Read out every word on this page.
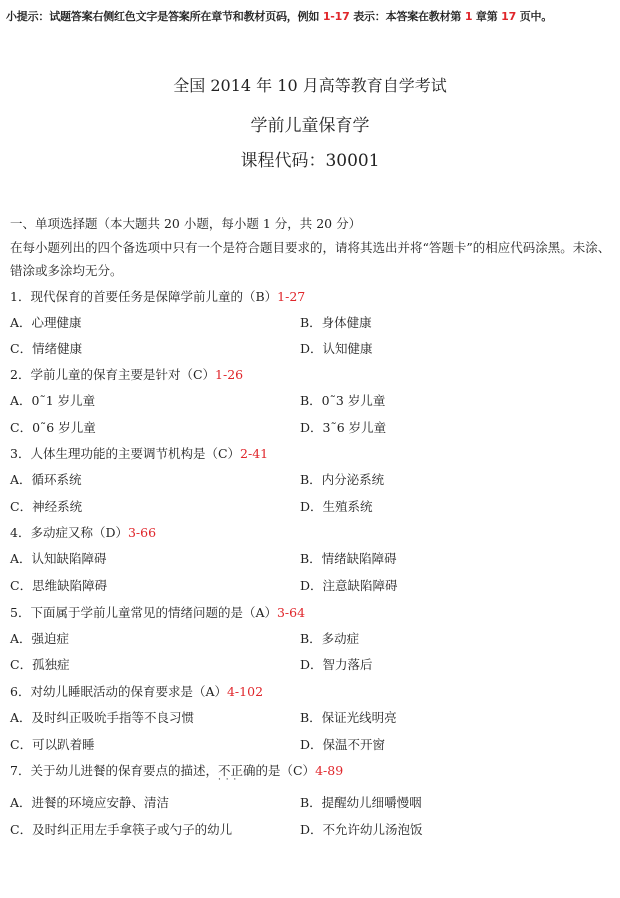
小提示：试题答案右侧红色文字是答案所在章节和教材页码，例如 1-17 表示：本答案在教材第 1 章第 17 页中。
全国 2014 年 10 月高等教育自学考试
学前儿童保育学
课程代码：30001
一、单项选择题（本大题共 20 小题，每小题 1 分，共 20 分）
在每小题列出的四个备选项中只有一个是符合题目要求的，请将其选出并将“答题卡”的相应代码涂黑。未涂、错涂或多涂均无分。
1．现代保育的首要任务是保障学前儿童的（B）1-27
A．心理健康	B．身体健康
C．情绪健康	D．认知健康
2．学前儿童的保育主要是针对（C）1-26
A．0˜1 岁儿童	B．0˜3 岁儿童
C．0˜6 岁儿童	D．3˜6 岁儿童
3．人体生理功能的主要调节机构是（C）2-41
A．循环系统	B．内分泌系统
C．神经系统	D．生殖系统
4．多动症又称（D）3-66
A．认知缺陷障碍	B．情绪缺陷障碍
C．思维缺陷障碍	D．注意缺陷障碍
5．下面属于学前儿童常见的情绪问题的是（A）3-64
A．强迫症	B．多动症
C．孤独症	D．智力落后
6．对幼儿睡眠活动的保育要求是（A）4-102
A．及时纠正吸吮手指等不良习惯	B．保证光线明亮
C．可以趴着睡	D．保温不开窗
7．关于幼儿进餐的保育要点的描述，不正确 · · ·的是（C）4-89
A．进餐的环境应安静、清洁	B．提醒幼儿细嚼慢咽
C．及时纠正用左手拿筷子或勺子的幼儿	D．不允许幼儿汤泡饭
